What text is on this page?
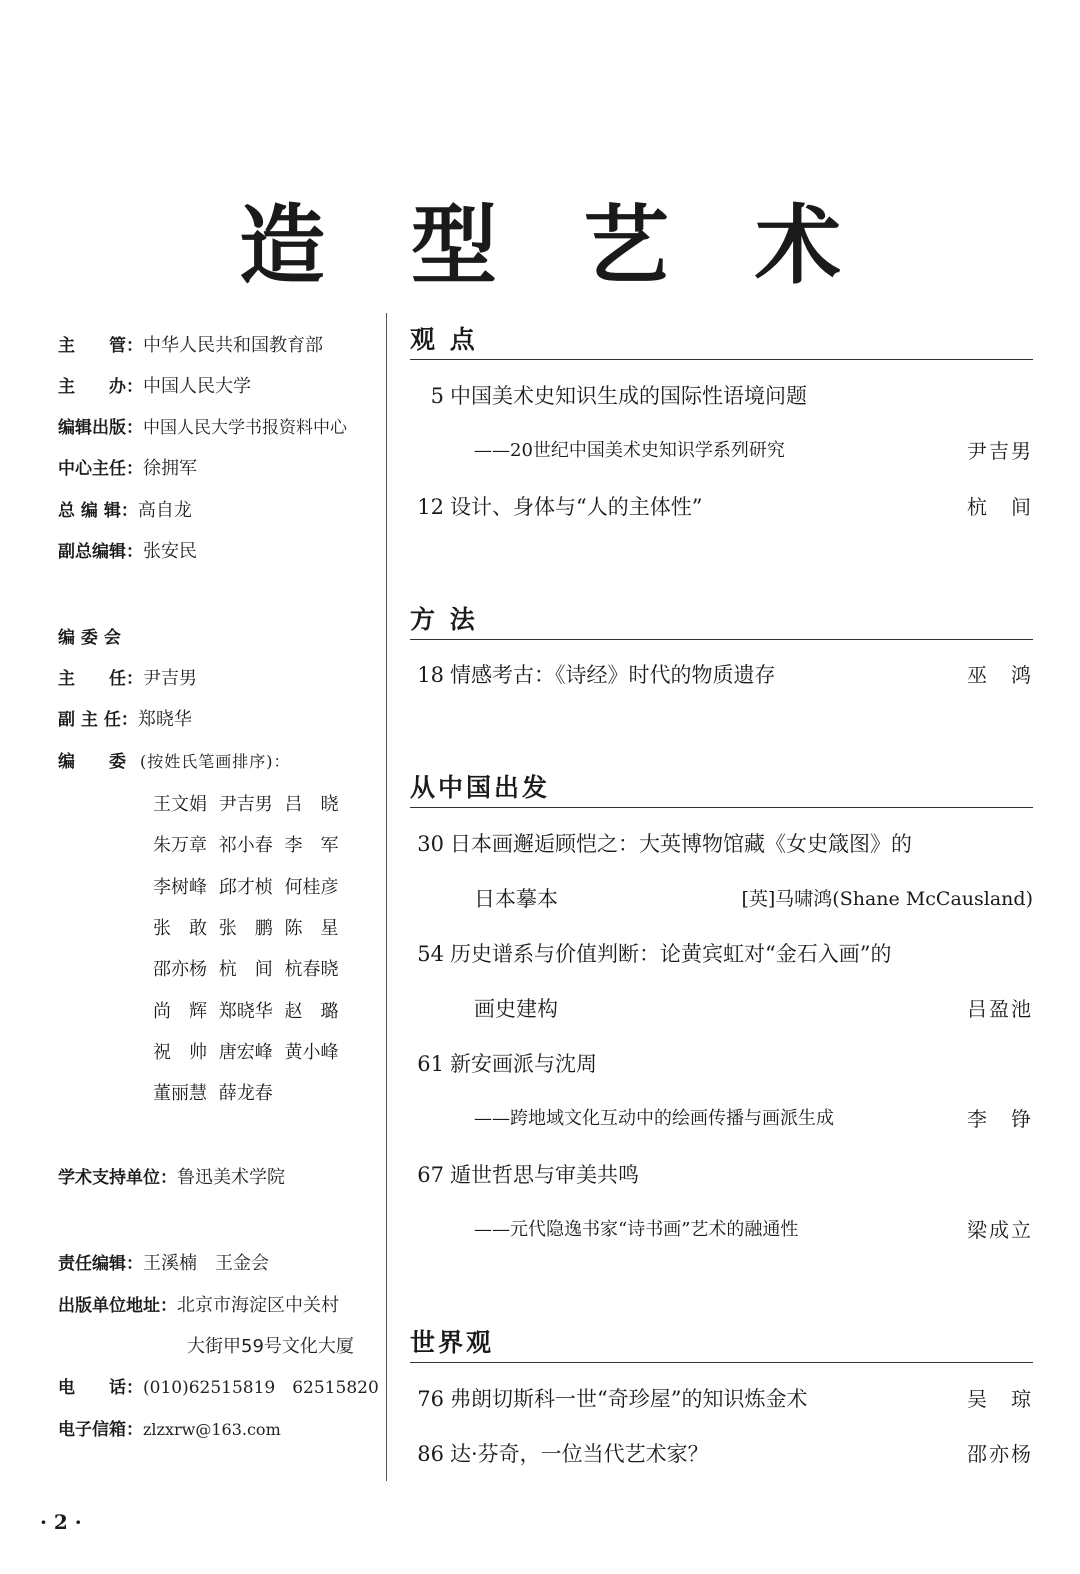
造 型 艺 术
主　　管：中华人民共和国教育部
主　　办：中国人民大学
编辑出版：中国人民大学书报资料中心
中心主任：徐拥军
总 编 辑：高自龙
副总编辑：张安民
编 委 会
主　　任：尹吉男
副 主 任：郑晓华
编　　委 (按姓氏笔画排序)：
王文娟 尹吉男 吕　晓
朱万章 祁小春 李　军
李树峰 邱才桢 何桂彦
张　敢 张　鹏 陈　星
邵亦杨 杭　间 杭春晓
尚　辉 郑晓华 赵　璐
祝　帅 唐宏峰 黄小峰
董丽慧 薛龙春
学术支持单位：鲁迅美术学院
责任编辑：王溪楠　王金会
出版单位地址：北京市海淀区中关村
大街甲59号文化大厦
电　　话：(010)62515819　62515820
电子信箱：zlzxrw@163.com
观 点
5 中国美术史知识生成的国际性语境问题
——20世纪中国美术史知识学系列研究	尹吉男
12 设计、身体与“人的主体性”	杭　间
方 法
18 情感考古：《诗经》时代的物质遗存	巫　鸿
从中国出发
30 日本画邂逅顾恺之：大英博物馆藏《女史箴图》的
日本摹本	[英]马啸鸿(Shane McCausland)
54 历史谱系与价值判断：论黄宾虹对“金石入画”的
画史建构	吕盈池
61 新安画派与沈周
——跨地域文化互动中的绘画传播与画派生成	李　铮
67 遁世哲思与审美共鸣
——元代隐逸书家“诗书画”艺术的融通性	梁成立
世界观
76 弗朗切斯科一世“奇珍屋”的知识炼金术	吴　琼
86 达·芬奇，一位当代艺术家？	邵亦杨
· 2 ·
